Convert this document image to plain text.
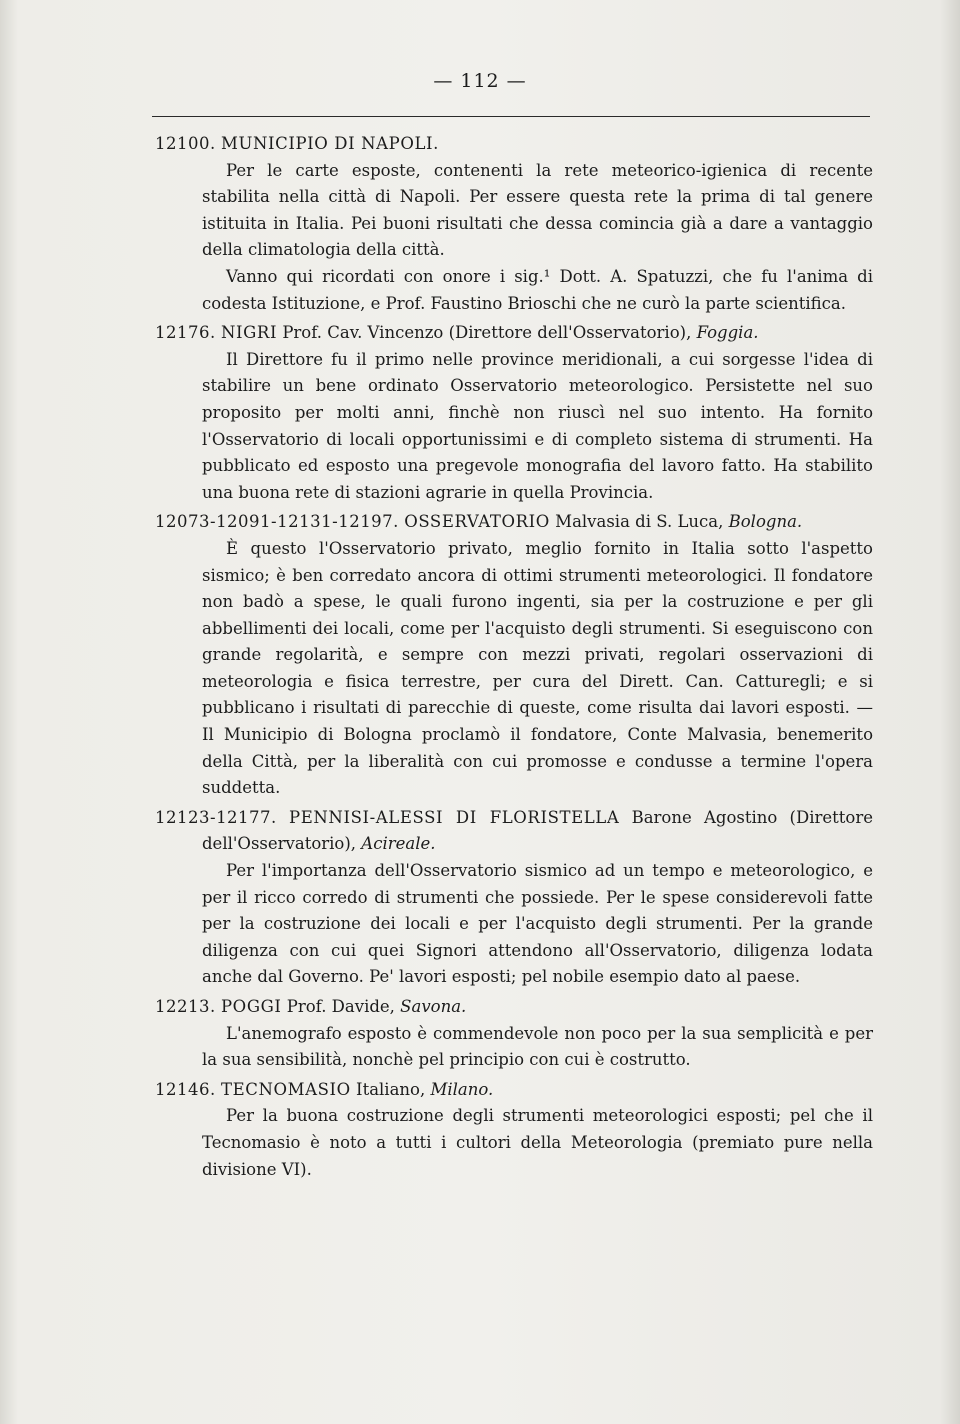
— 112 —

12100. MUNICIPIO DI NAPOLI.

Per le carte esposte, contenenti la rete meteorico-igienica di recente stabilita nella città di Napoli. Per essere questa rete la prima di tal genere istituita in Italia. Pei buoni risultati che dessa comincia già a dare a vantaggio della climatologia della città.

Vanno qui ricordati con onore i sig.¹ Dott. A. Spatuzzi, che fu l'anima di codesta Istituzione, e Prof. Faustino Brioschi che ne curò la parte scientifica.

12176. NIGRI Prof. Cav. Vincenzo (Direttore dell'Osservatorio), Foggia.

Il Direttore fu il primo nelle province meridionali, a cui sorgesse l'idea di stabilire un bene ordinato Osservatorio meteorologico. Persistette nel suo proposito per molti anni, finchè non riuscì nel suo intento. Ha fornito l'Osservatorio di locali opportunissimi e di completo sistema di strumenti. Ha pubblicato ed esposto una pregevole monografia del lavoro fatto. Ha stabilito una buona rete di stazioni agrarie in quella Provincia.

12073-12091-12131-12197. OSSERVATORIO Malvasia di S. Luca, Bologna.

È questo l'Osservatorio privato, meglio fornito in Italia sotto l'aspetto sismico; è ben corredato ancora di ottimi strumenti meteorologici. Il fondatore non badò a spese, le quali furono ingenti, sia per la costruzione e per gli abbellimenti dei locali, come per l'acquisto degli strumenti. Si eseguiscono con grande regolarità, e sempre con mezzi privati, regolari osservazioni di meteorologia e fisica terrestre, per cura del Dirett. Can. Catturegli; e si pubblicano i risultati di parecchie di queste, come risulta dai lavori esposti. — Il Municipio di Bologna proclamò il fondatore, Conte Malvasia, benemerito della Città, per la liberalità con cui promosse e condusse a termine l'opera suddetta.

12123-12177. PENNISI-ALESSI DI FLORISTELLA Barone Agostino (Direttore dell'Osservatorio), Acireale.

Per l'importanza dell'Osservatorio sismico ad un tempo e meteorologico, e per il ricco corredo di strumenti che possiede. Per le spese considerevoli fatte per la costruzione dei locali e per l'acquisto degli strumenti. Per la grande diligenza con cui quei Signori attendono all'Osservatorio, diligenza lodata anche dal Governo. Pe' lavori esposti; pel nobile esempio dato al paese.

12213. POGGI Prof. Davide, Savona.

L'anemografo esposto è commendevole non poco per la sua semplicità e per la sua sensibilità, nonchè pel principio con cui è costrutto.

12146. TECNOMASIO Italiano, Milano.

Per la buona costruzione degli strumenti meteorologici esposti; pel che il Tecnomasio è noto a tutti i cultori della Meteorologia (premiato pure nella divisione VI).
